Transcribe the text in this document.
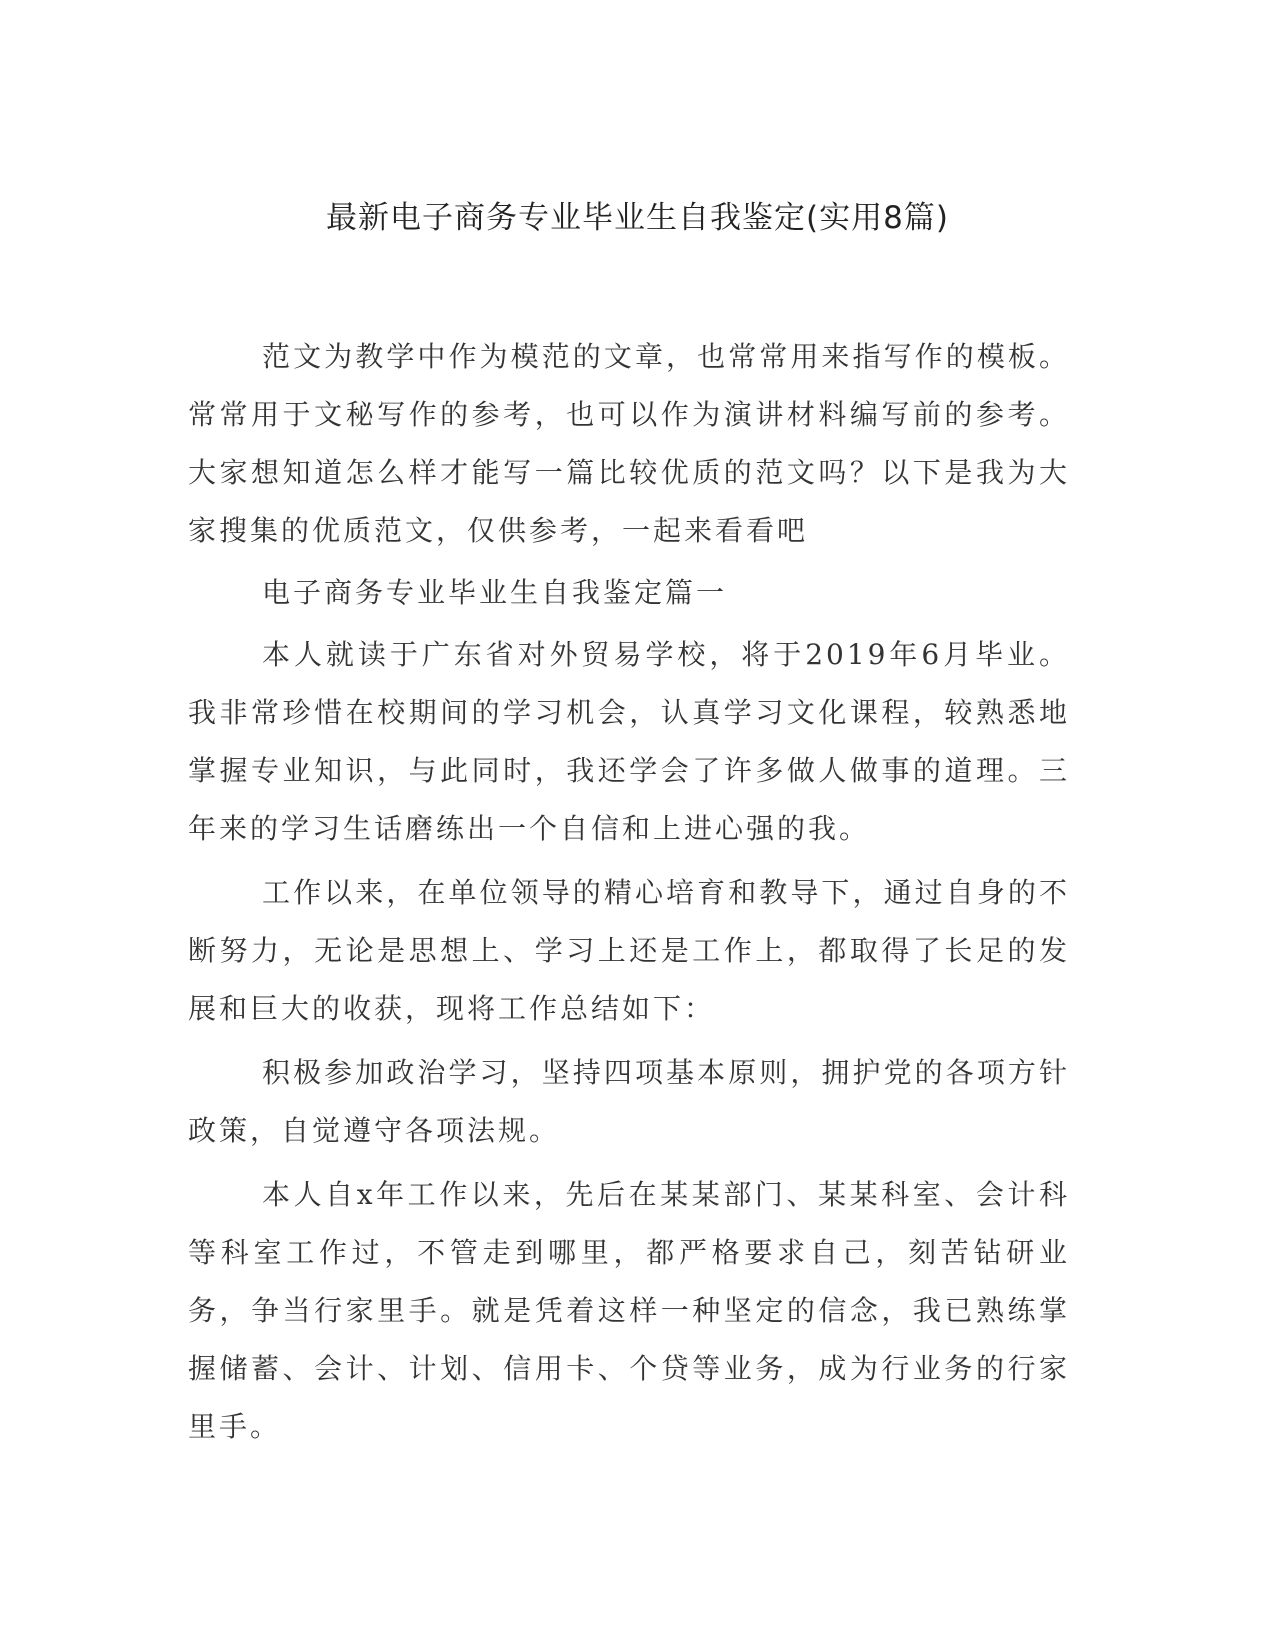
最新电子商务专业毕业生自我鉴定(实用8篇)

范文为教学中作为模范的文章，也常常用来指写作的模板。常常用于文秘写作的参考，也可以作为演讲材料编写前的参考。大家想知道怎么样才能写一篇比较优质的范文吗？以下是我为大家搜集的优质范文，仅供参考，一起来看看吧

电子商务专业毕业生自我鉴定篇一

本人就读于广东省对外贸易学校，将于2019年6月毕业。我非常珍惜在校期间的学习机会，认真学习文化课程，较熟悉地掌握专业知识，与此同时，我还学会了许多做人做事的道理。三年来的学习生话磨练出一个自信和上进心强的我。

工作以来，在单位领导的精心培育和教导下，通过自身的不断努力，无论是思想上、学习上还是工作上，都取得了长足的发展和巨大的收获，现将工作总结如下：

积极参加政治学习，坚持四项基本原则，拥护党的各项方针政策，自觉遵守各项法规。

本人自x年工作以来，先后在某某部门、某某科室、会计科等科室工作过，不管走到哪里，都严格要求自己，刻苦钻研业务，争当行家里手。就是凭着这样一种坚定的信念，我已熟练掌握储蓄、会计、计划、信用卡、个贷等业务，成为行业务的行家里手。
